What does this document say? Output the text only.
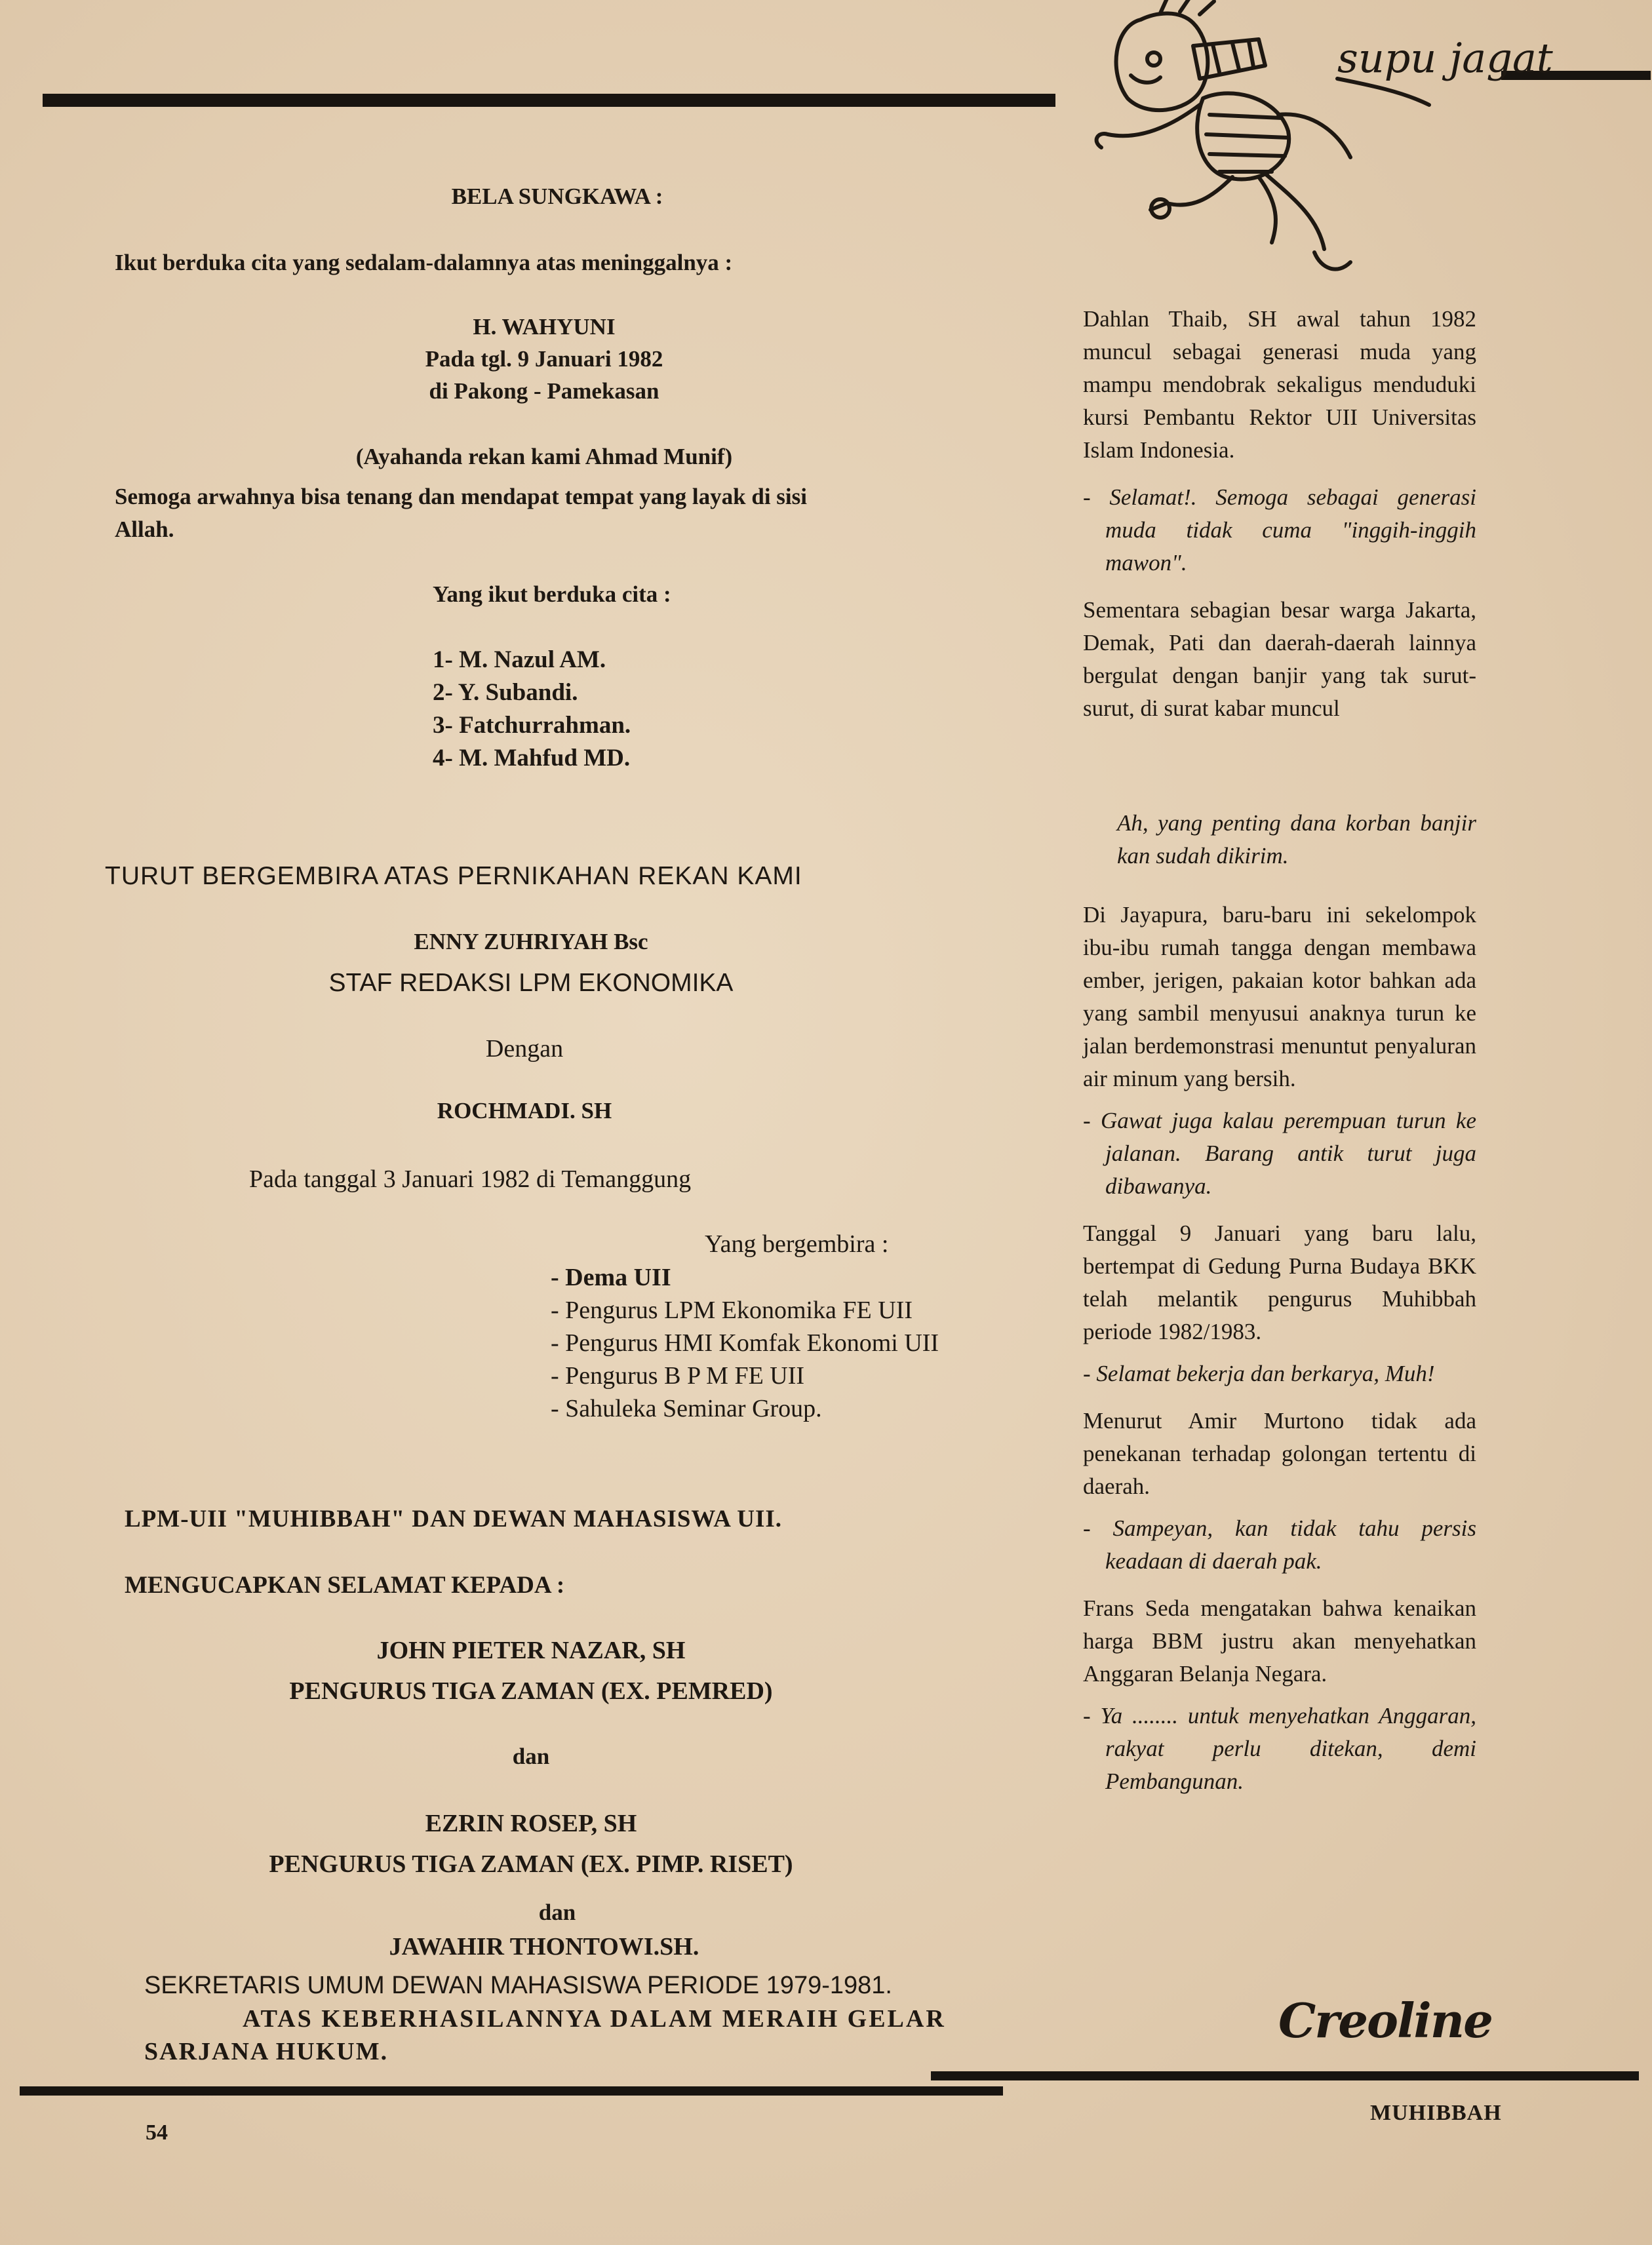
supu jagat
BELA SUNGKAWA :
Ikut berduka cita yang sedalam-dalamnya atas meninggalnya :
H. WAHYUNI
Pada tgl. 9 Januari 1982
di Pakong - Pamekasan
(Ayahanda rekan kami Ahmad Munif)
Semoga arwahnya bisa tenang dan mendapat tempat yang layak di sisi
Allah.
Yang ikut berduka cita :
1- M. Nazul AM.
2- Y. Subandi.
3- Fatchurrahman.
4- M. Mahfud MD.
TURUT BERGEMBIRA ATAS PERNIKAHAN REKAN KAMI
ENNY ZUHRIYAH Bsc
STAF REDAKSI LPM EKONOMIKA
Dengan
ROCHMADI. SH
Pada tanggal 3 Januari 1982 di Temanggung
Yang bergembira :
- Dema UII
- Pengurus LPM Ekonomika FE UII
- Pengurus HMI Komfak Ekonomi UII
- Pengurus B P M FE UII
- Sahuleka Seminar Group.
LPM-UII "MUHIBBAH" DAN DEWAN MAHASISWA UII.
MENGUCAPKAN SELAMAT KEPADA :
JOHN PIETER NAZAR, SH
PENGURUS TIGA ZAMAN (EX. PEMRED)
dan
EZRIN ROSEP, SH
PENGURUS TIGA ZAMAN (EX. PIMP. RISET)
dan
JAWAHIR THONTOWI.SH.
SEKRETARIS UMUM DEWAN MAHASISWA PERIODE 1979-1981.
ATAS KEBERHASILANNYA DALAM MERAIH GELAR
SARJANA HUKUM.

Dahlan Thaib, SH awal tahun 1982 muncul sebagai generasi muda yang mampu mendobrak sekaligus menduduki kursi Pembantu Rektor UII Universitas Islam Indonesia.

- Selamat!. Semoga sebagai generasi muda tidak cuma "inggih-inggih mawon".

Sementara sebagian besar warga Jakarta, Demak, Pati dan daerah-daerah lainnya bergulat dengan banjir yang tak surut-surut, di surat kabar muncul

Ah, yang penting dana korban banjir kan sudah dikirim.

Di Jayapura, baru-baru ini sekelompok ibu-ibu rumah tangga dengan membawa ember, jerigen, pakaian kotor bahkan ada yang sambil menyusui anaknya turun ke jalan berdemonstrasi menuntut penyaluran air minum yang bersih.

- Gawat juga kalau perempuan turun ke jalanan. Barang antik turut juga dibawanya.

Tanggal 9 Januari yang baru lalu, bertempat di Gedung Purna Budaya BKK telah melantik pengurus Muhibbah periode 1982/1983.

- Selamat bekerja dan berkarya, Muh!

Menurut Amir Murtono tidak ada penekanan terhadap golongan tertentu di daerah.

- Sampeyan, kan tidak tahu persis keadaan di daerah pak.

Frans Seda mengatakan bahwa kenaikan harga BBM justru akan menyehatkan Anggaran Belanja Negara.

- Ya ........ untuk menyehatkan Anggaran, rakyat perlu ditekan, demi Pembangunan.

Creoline
54
MUHIBBAH
